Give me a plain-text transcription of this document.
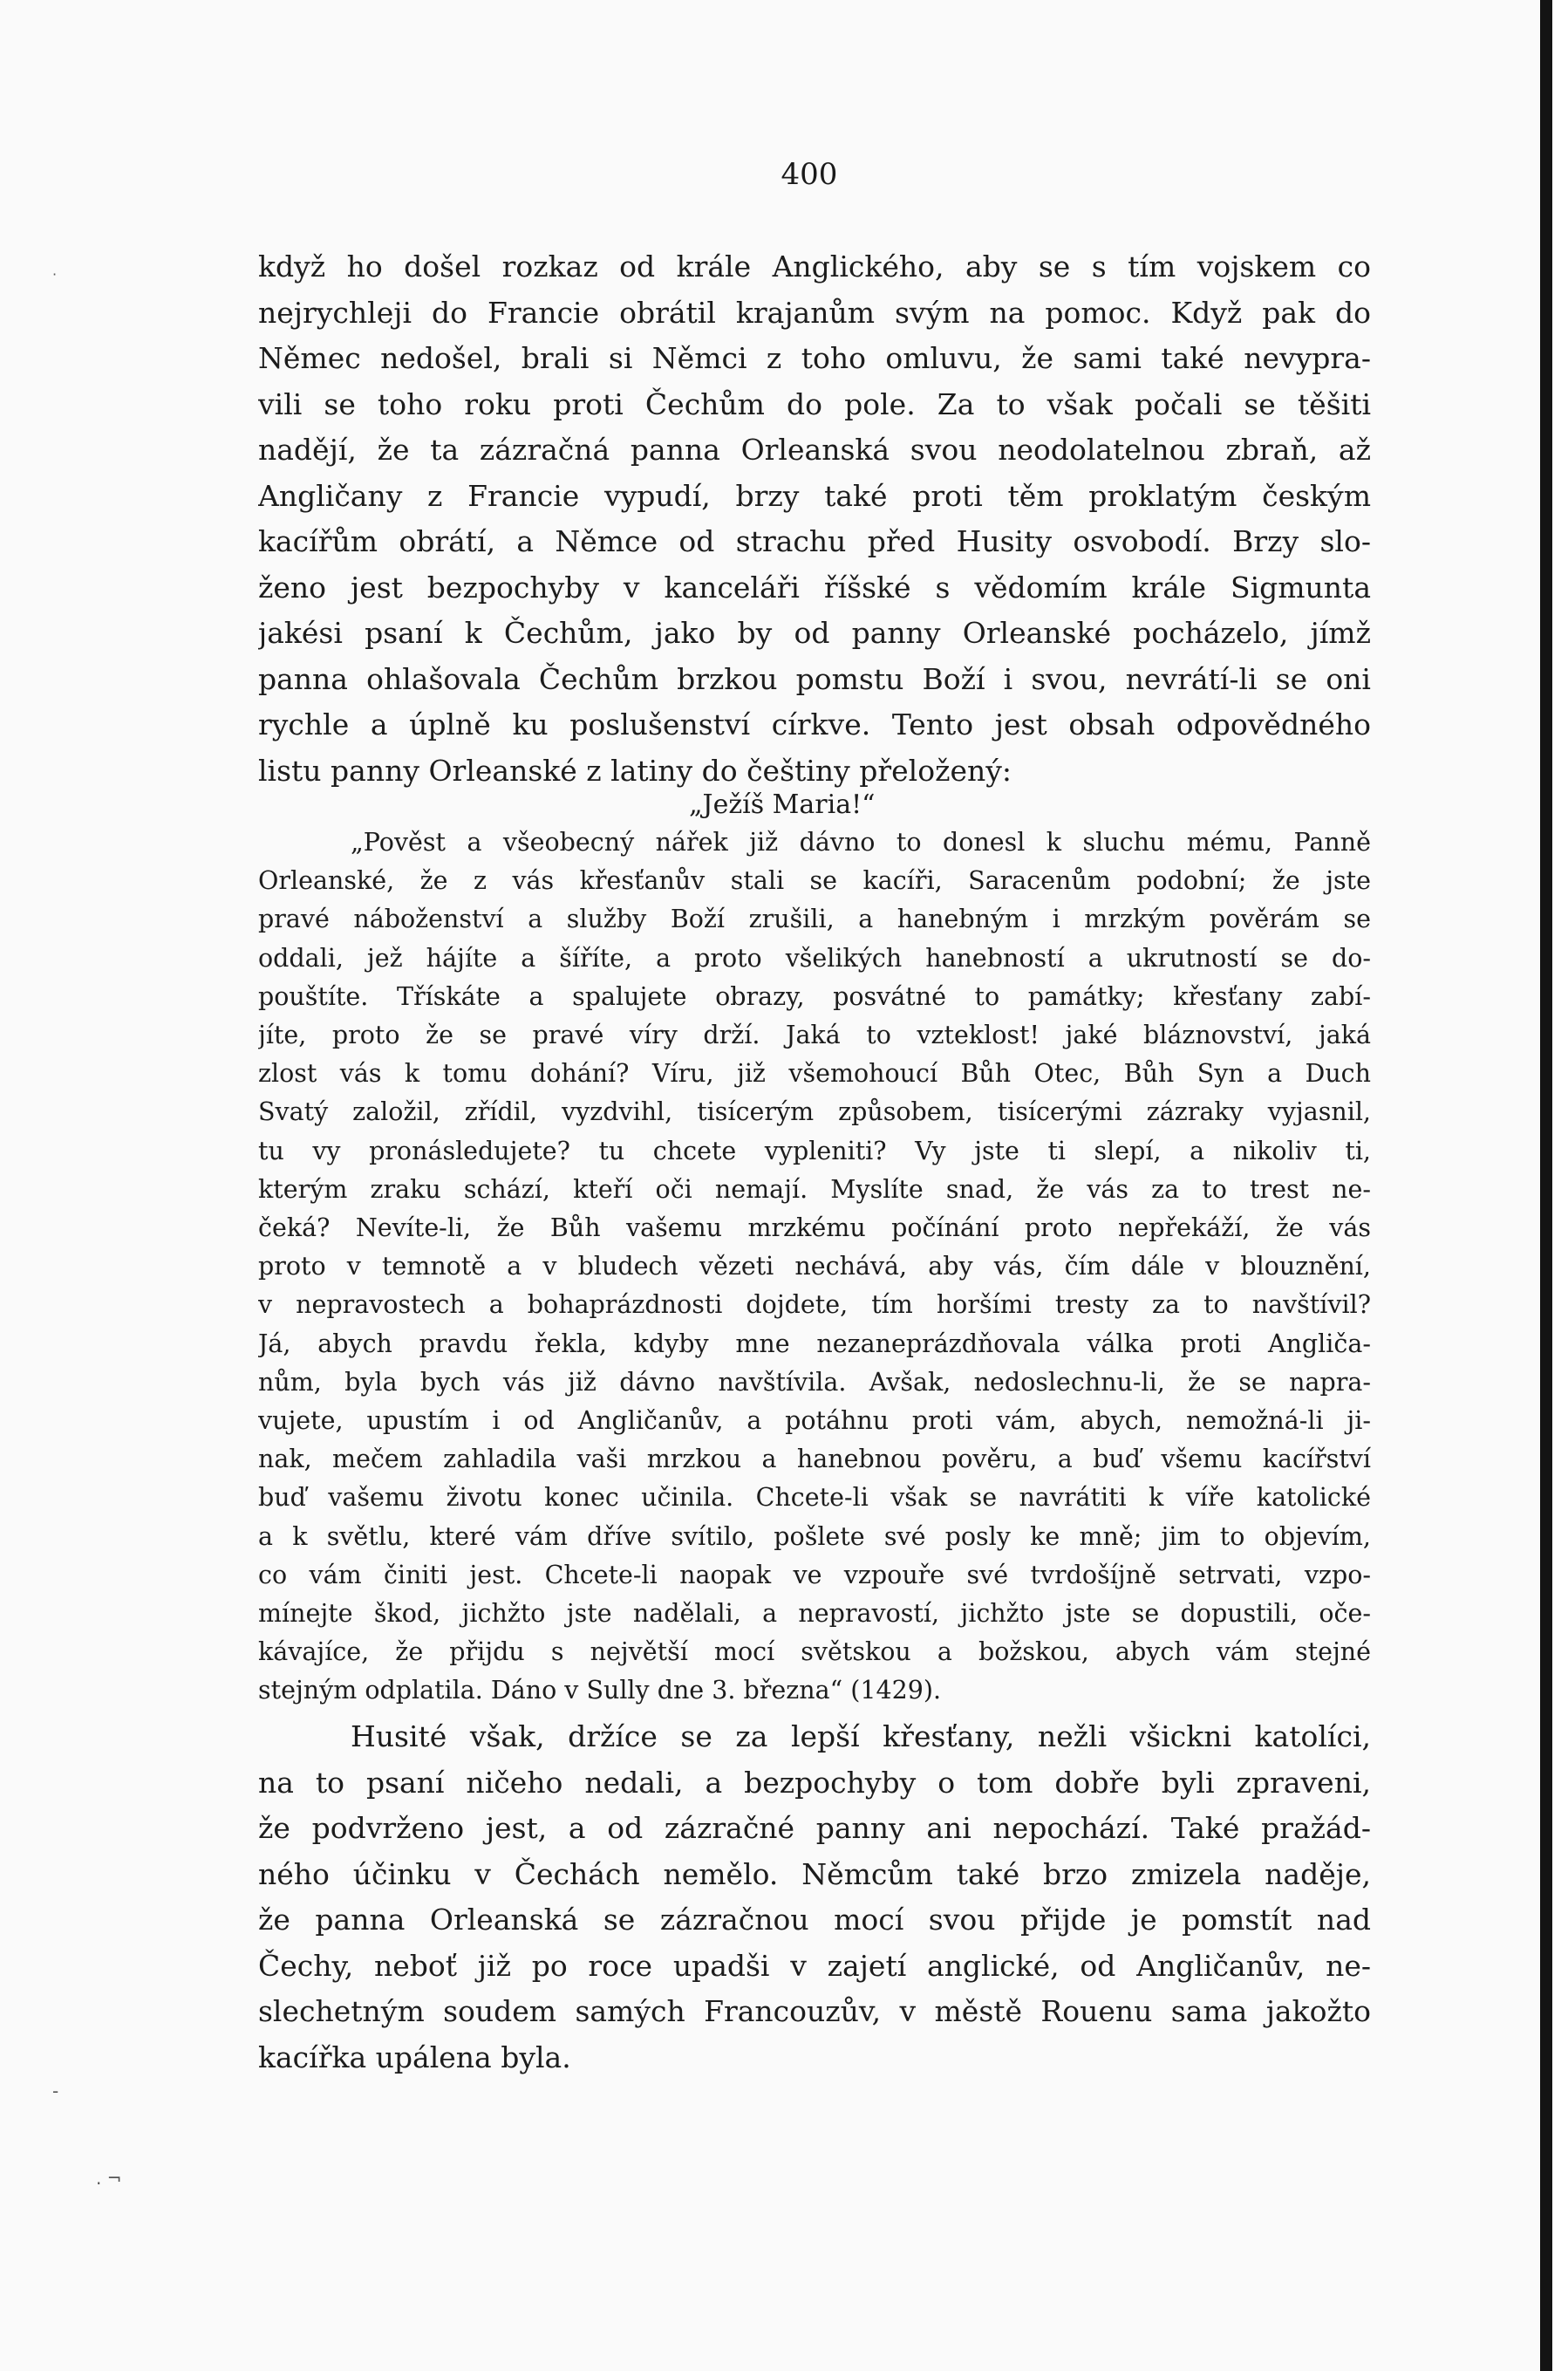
400
když ho došel rozkaz od krále Anglického, aby se s tím vojskem co
nejrychleji do Francie obrátil krajanům svým na pomoc. Když pak do
Němec nedošel, brali si Němci z toho omluvu, že sami také nevypra-
vili se toho roku proti Čechům do pole. Za to však počali se těšiti
nadějí, že ta zázračná panna Orleanská svou neodolatelnou zbraň, až
Angličany z Francie vypudí, brzy také proti těm proklatým českým
kacířům obrátí, a Němce od strachu před Husity osvobodí. Brzy slo-
ženo jest bezpochyby v kanceláři říšské s vědomím krále Sigmunta
jakési psaní k Čechům, jako by od panny Orleanské pocházelo, jímž
panna ohlašovala Čechům brzkou pomstu Boží i svou, nevrátí-li se oni
rychle a úplně ku poslušenství církve. Tento jest obsah odpovědného
listu panny Orleanské z latiny do češtiny přeložený:
„Ježíš Maria!“
„Pověst a všeobecný nářek již dávno to donesl k sluchu mému, Panně
Orleanské, že z vás křesťanův stali se kacíři, Saracenům podobní; že jste
pravé náboženství a služby Boží zrušili, a hanebným i mrzkým pověrám se
oddali, jež hájíte a šíříte, a proto všelikých hanebností a ukrutností se do-
pouštíte. Třískáte a spalujete obrazy, posvátné to památky; křesťany zabí-
jíte, proto že se pravé víry drží. Jaká to vzteklost! jaké bláznovství, jaká
zlost vás k tomu dohání? Víru, již všemohoucí Bůh Otec, Bůh Syn a Duch
Svatý založil, zřídil, vyzdvihl, tisícerým způsobem, tisícerými zázraky vyjasnil,
tu vy pronásledujete? tu chcete vypleniti? Vy jste ti slepí, a nikoliv ti,
kterým zraku schází, kteří oči nemají. Myslíte snad, že vás za to trest ne-
čeká? Nevíte-li, že Bůh vašemu mrzkému počínání proto nepřekáží, že vás
proto v temnotě a v bludech vězeti nechává, aby vás, čím dále v blouznění,
v nepravostech a bohaprázdnosti dojdete, tím horšími tresty za to navštívil?
Já, abych pravdu řekla, kdyby mne nezaneprázdňovala válka proti Angliča-
nům, byla bych vás již dávno navštívila. Avšak, nedoslechnu-li, že se napra-
vujete, upustím i od Angličanův, a potáhnu proti vám, abych, nemožná-li ji-
nak, mečem zahladila vaši mrzkou a hanebnou pověru, a buď všemu kacířství
buď vašemu životu konec učinila. Chcete-li však se navrátiti k víře katolické
a k světlu, které vám dříve svítilo, pošlete své posly ke mně; jim to objevím,
co vám činiti jest. Chcete-li naopak ve vzpouře své tvrdošíjně setrvati, vzpo-
mínejte škod, jichžto jste nadělali, a nepravostí, jichžto jste se dopustili, oče-
kávajíce, že přijdu s největší mocí světskou a božskou, abych vám stejné
stejným odplatila. Dáno v Sully dne 3. března“ (1429).
Husité však, držíce se za lepší křesťany, nežli všickni katolíci,
na to psaní ničeho nedali, a bezpochyby o tom dobře byli zpraveni,
že podvrženo jest, a od zázračné panny ani nepochází. Také pražád-
ného účinku v Čechách nemělo. Němcům také brzo zmizela naděje,
že panna Orleanská se zázračnou mocí svou přijde je pomstít nad
Čechy, neboť již po roce upadši v zajetí anglické, od Angličanův, ne-
slechetným soudem samých Francouzův, v městě Rouenu sama jakožto
kacířka upálena byla.
·
-
. ¬
